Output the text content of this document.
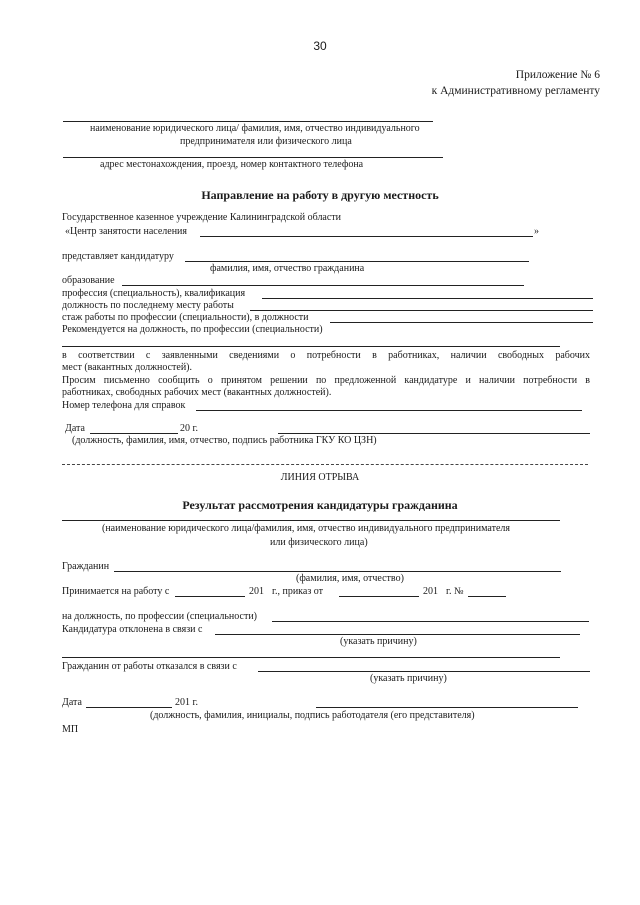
30
Приложение № 6
к Административному регламенту
наименование юридического лица/ фамилия, имя, отчество индивидуального
предпринимателя или физического лица
адрес местонахождения, проезд, номер контактного телефона
Направление на работу в другую местность
Государственное казенное учреждение Калининградской области
«Центр занятости населения	»
представляет кандидатуру
фамилия, имя, отчество гражданина
образование
профессия (специальность), квалификация
должность по последнему месту работы
стаж работы по профессии (специальности), в должности
Рекомендуется на должность, по профессии (специальности)
в соответствии с заявленными сведениями о потребности в работниках, наличии свободных рабочих
мест (вакантных должностей).
Просим письменно сообщить о принятом решении по предложенной кандидатуре и наличии потребности в
работниках, свободных рабочих мест (вакантных должностей).
Номер телефона для справок
Дата	20 г.
(должность, фамилия, имя, отчество, подпись работника ГКУ КО ЦЗН)
ЛИНИЯ ОТРЫВА
Результат рассмотрения кандидатуры гражданина
(наименование юридического лица/фамилия, имя, отчество индивидуального предпринимателя
или физического лица)
Гражданин
(фамилия, имя, отчество)
Принимается на работу с	201 г., приказ от	201 г. №
на должность, по профессии (специальности)
Кандидатура отклонена в связи с
(указать причину)
Гражданин от работы отказался в связи с
(указать причину)
Дата	201 г.
(должность, фамилия, инициалы, подпись работодателя (его представителя)
МП
